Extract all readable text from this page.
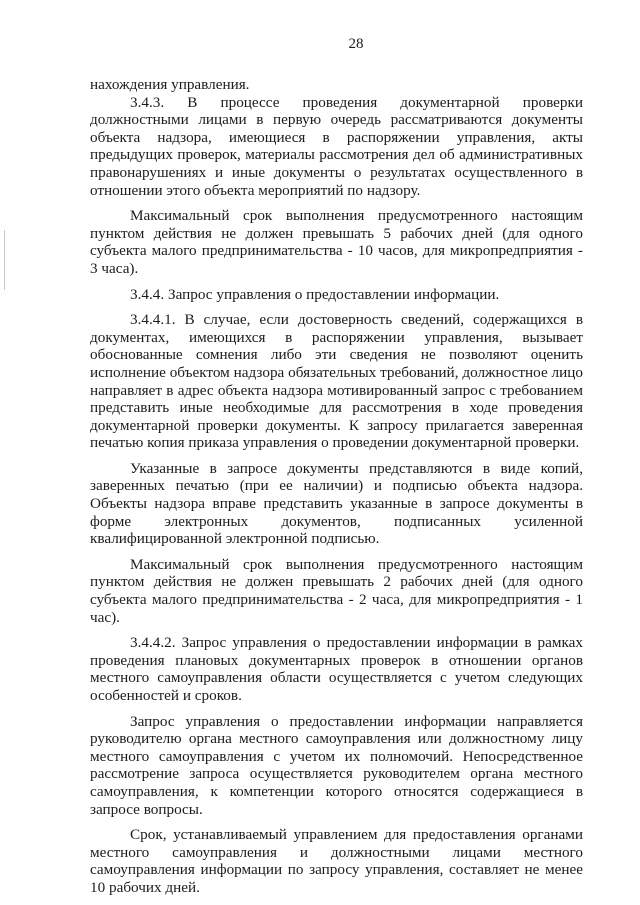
28

нахождения управления.

3.4.3. В процессе проведения документарной проверки должностными лицами в первую очередь рассматриваются документы объекта надзора, имеющиеся в распоряжении управления, акты предыдущих проверок, материалы рассмотрения дел об административных правонарушениях и иные документы о результатах осуществленного в отношении этого объекта мероприятий по надзору.

Максимальный срок выполнения предусмотренного настоящим пунктом действия не должен превышать 5 рабочих дней (для одного субъекта малого предпринимательства - 10 часов, для микропредприятия - 3 часа).

3.4.4. Запрос управления о предоставлении информации.

3.4.4.1. В случае, если достоверность сведений, содержащихся в документах, имеющихся в распоряжении управления, вызывает обоснованные сомнения либо эти сведения не позволяют оценить исполнение объектом надзора обязательных требований, должностное лицо направляет в адрес объекта надзора мотивированный запрос с требованием представить иные необходимые для рассмотрения в ходе проведения документарной проверки документы. К запросу прилагается заверенная печатью копия приказа управления о проведении документарной проверки.

Указанные в запросе документы представляются в виде копий, заверенных печатью (при ее наличии) и подписью объекта надзора. Объекты надзора вправе представить указанные в запросе документы в форме электронных документов, подписанных усиленной квалифицированной электронной подписью.

Максимальный срок выполнения предусмотренного настоящим пунктом действия не должен превышать 2 рабочих дней (для одного субъекта малого предпринимательства - 2 часа, для микропредприятия - 1 час).

3.4.4.2. Запрос управления о предоставлении информации в рамках проведения плановых документарных проверок в отношении органов местного самоуправления области осуществляется с учетом следующих особенностей и сроков.

Запрос управления о предоставлении информации направляется руководителю органа местного самоуправления или должностному лицу местного самоуправления с учетом их полномочий. Непосредственное рассмотрение запроса осуществляется руководителем органа местного самоуправления, к компетенции которого относятся содержащиеся в запросе вопросы.

Срок, устанавливаемый управлением для предоставления органами местного самоуправления и должностными лицами местного самоуправления информации по запросу управления, составляет не менее 10 рабочих дней.
